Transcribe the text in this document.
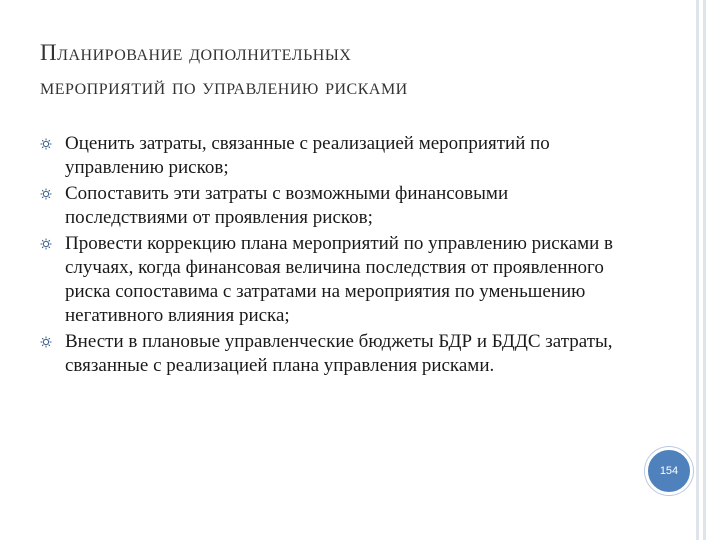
Планирование дополнительных
мероприятий по управлению рисками
Оценить затраты, связанные с реализацией мероприятий по управлению рисков;
Сопоставить эти затраты с возможными финансовыми последствиями от проявления рисков;
Провести коррекцию плана мероприятий по управлению рисками в случаях, когда финансовая величина последствия от проявленного риска сопоставима с затратами на мероприятия по уменьшению негативного влияния риска;
Внести в плановые управленческие бюджеты БДР и БДДС затраты, связанные с реализацией плана управления рисками.
154
